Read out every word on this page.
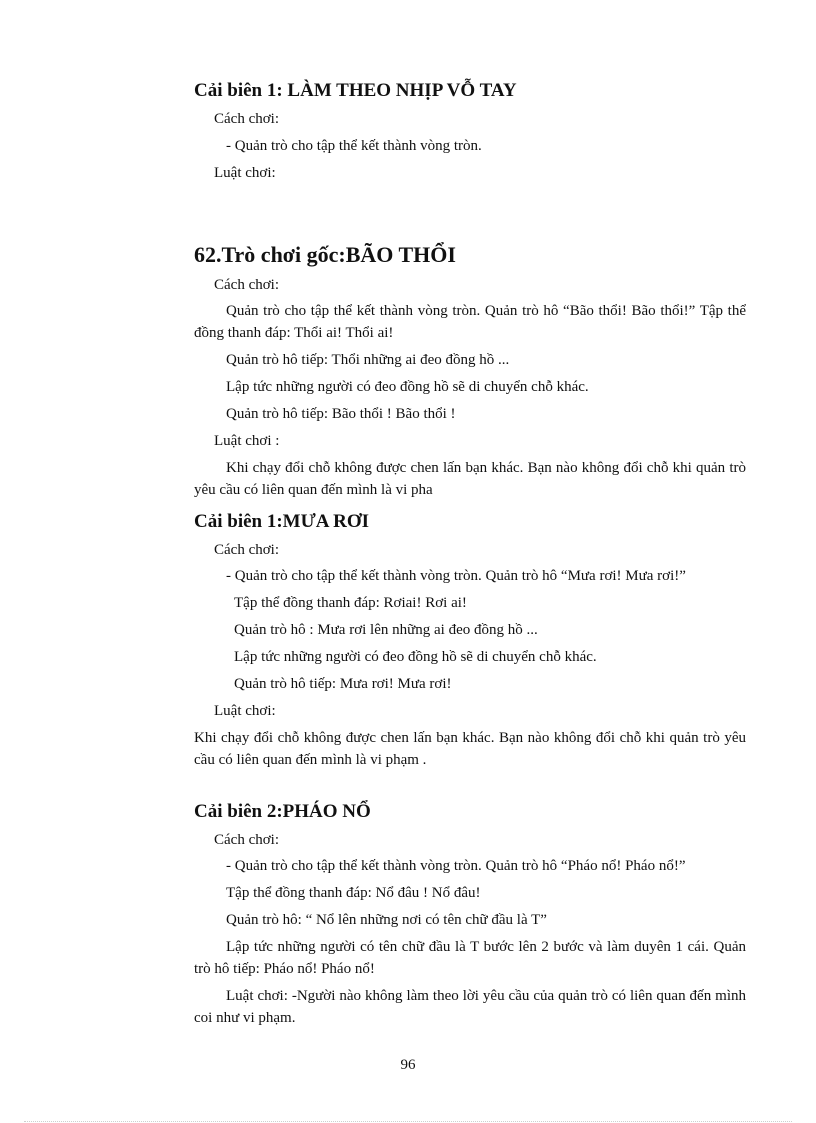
Cải biên 1: LÀM THEO NHỊP VỖ TAY

Cách chơi:

- Quản trò cho tập thể kết thành vòng tròn.

Luật chơi:

62.Trò chơi gốc:BÃO THỔI

Cách chơi:

Quản trò cho tập thể kết thành vòng tròn. Quản trò hô “Bão thổi! Bão thổi!” Tập thể đồng thanh đáp: Thổi ai! Thổi ai!

Quản trò hô tiếp: Thổi những ai đeo đồng hồ ...

Lập tức những người có đeo đồng hồ sẽ di chuyển chỗ khác.

Quản trò hô tiếp: Bão thổi ! Bão thổi !

Luật chơi :

Khi chạy đổi chỗ không được chen lấn bạn khác. Bạn nào không đổi chỗ khi quản trò yêu cầu có liên quan đến mình là vi pha

Cải biên 1:MƯA RƠI

Cách chơi:

- Quản trò cho tập thể kết thành vòng tròn. Quản trò hô “Mưa rơi! Mưa rơi!”

Tập thể đồng thanh đáp: Rơiai! Rơi ai!

Quản trò hô : Mưa rơi lên những ai đeo đồng hồ ...

Lập tức những người có đeo đồng hồ sẽ di chuyển chỗ khác.

Quản trò hô tiếp: Mưa rơi! Mưa rơi!

Luật chơi:

Khi chạy đổi chỗ không được chen lấn bạn khác. Bạn nào không đổi chỗ khi quản trò yêu cầu có liên quan đến mình là vi phạm .

Cải biên 2:PHÁO NỔ

Cách chơi:

- Quản trò cho tập thể kết thành vòng tròn. Quản trò hô “Pháo nổ! Pháo nổ!”

Tập thể đồng thanh đáp: Nổ đâu ! Nổ đâu!

Quản trò hô: “ Nổ lên những nơi có tên chữ đầu là T”

Lập tức những người có tên chữ đầu là T bước lên 2 bước và làm duyên 1 cái. Quản trò hô tiếp: Pháo nổ! Pháo nổ!

Luật chơi: -Người nào không làm theo lời yêu cầu của quản trò có liên quan đến mình coi như vi phạm.

96
